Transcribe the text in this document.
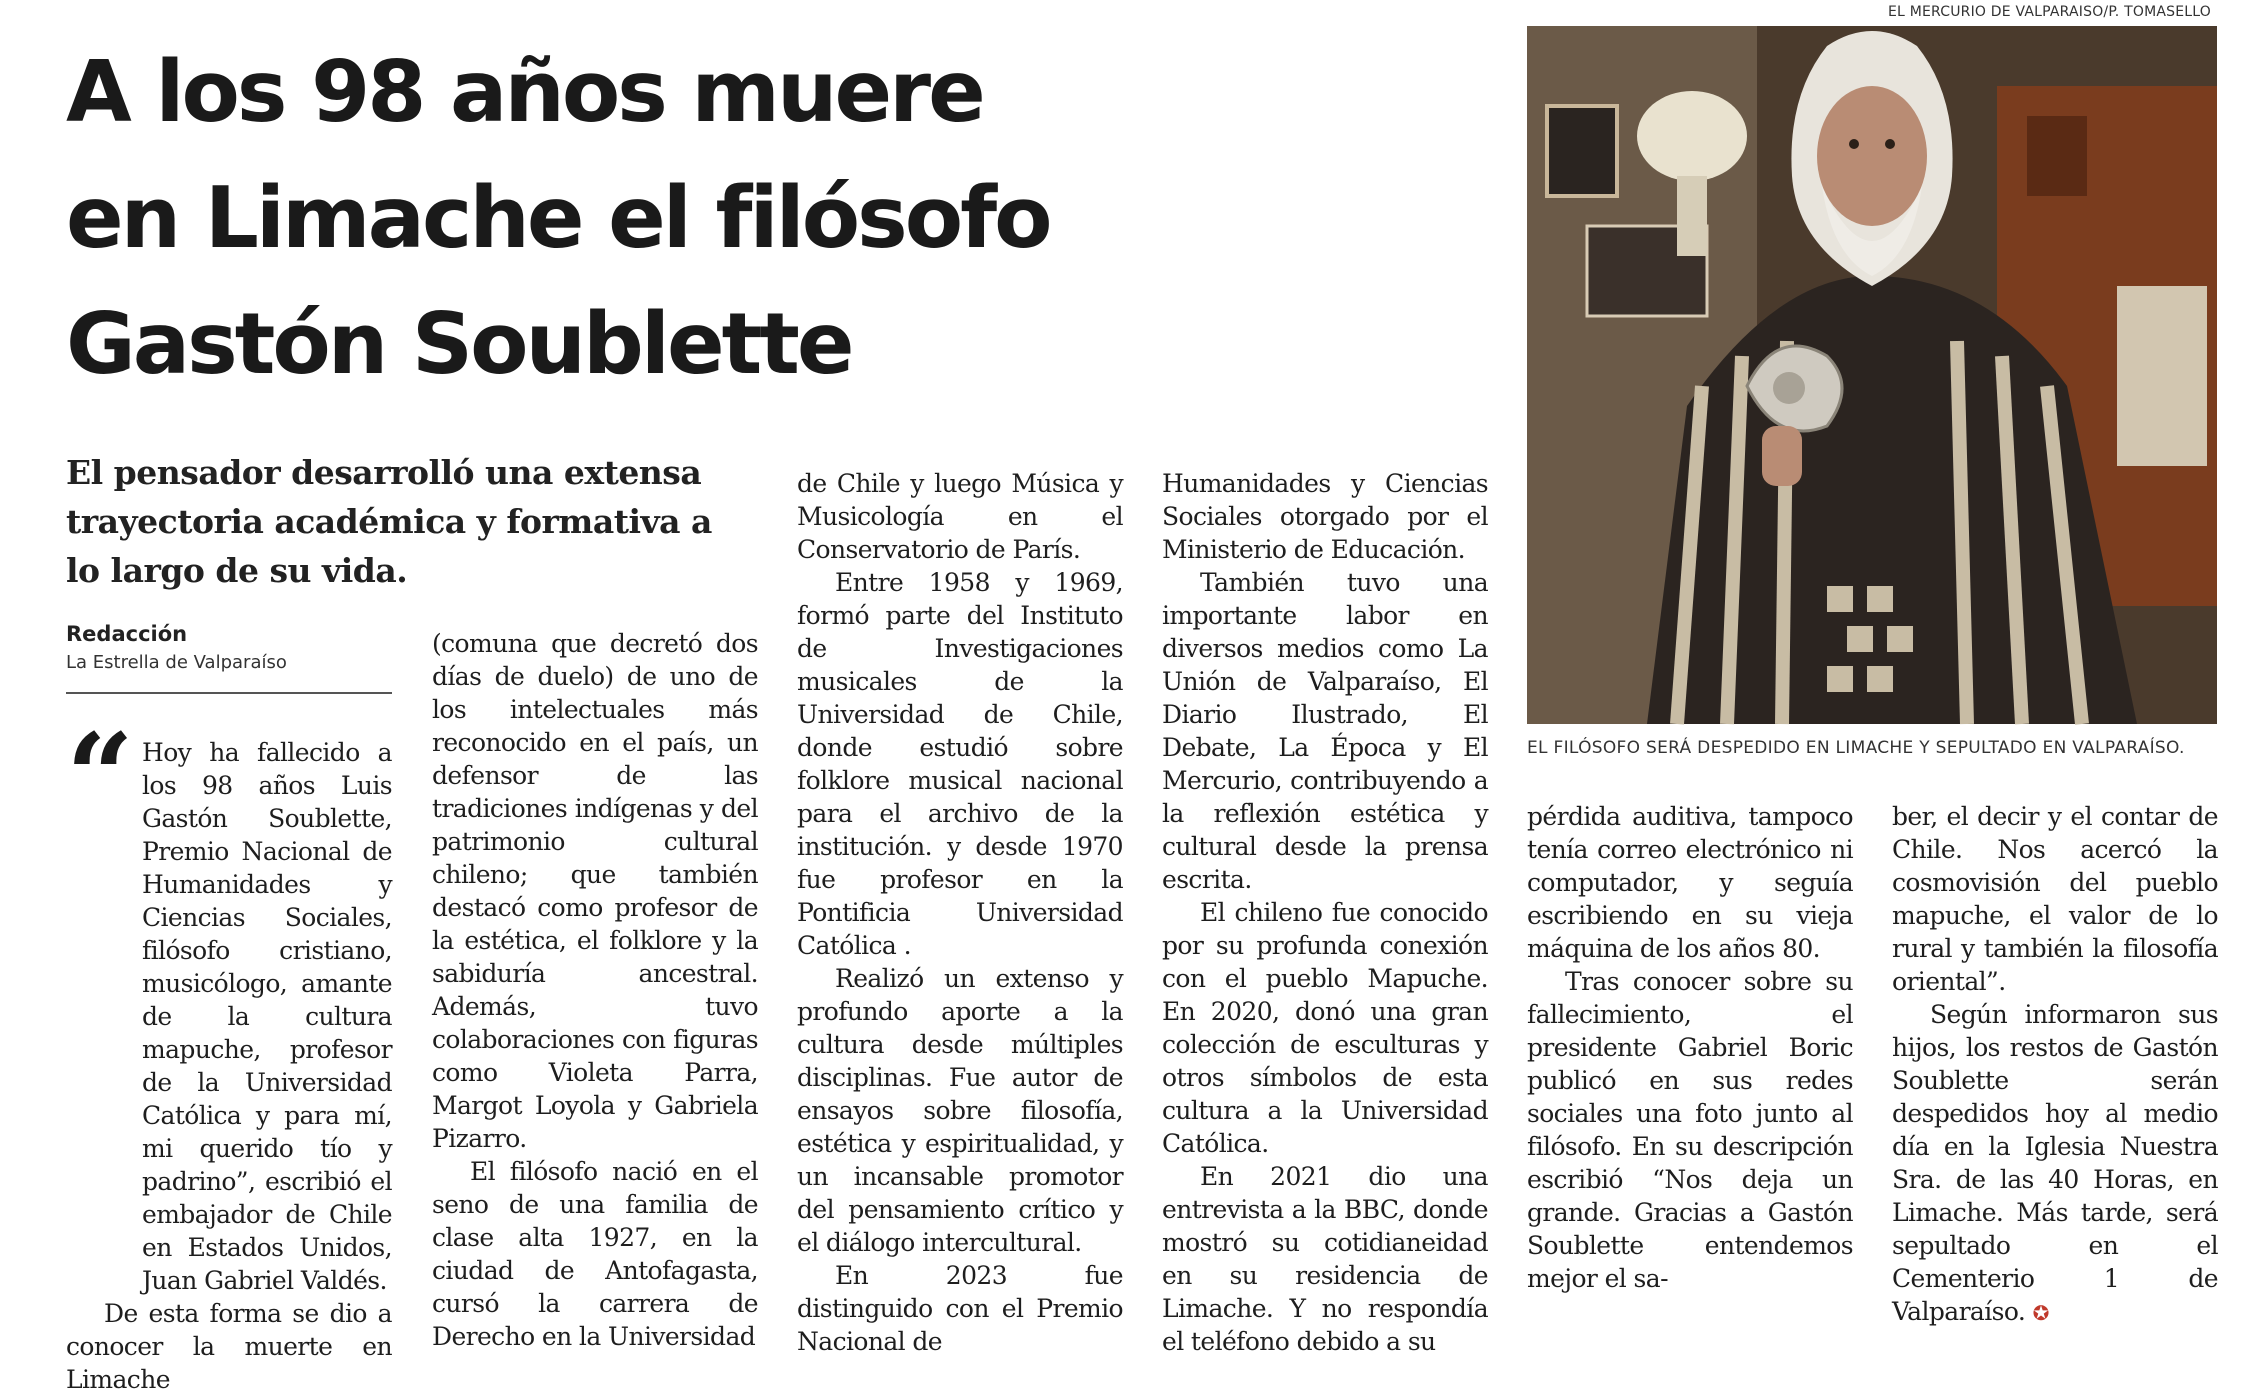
A los 98 años muere
en Limache el filósofo
Gastón Soublette

El pensador desarrolló una extensa trayectoria académica y formativa a lo largo de su vida.

Redacción
La Estrella de Valparaíso
“ Hoy ha fallecido a los 98 años Luis Gastón Soublette, Premio Nacional de Humanidades y Ciencias Sociales, filósofo cristiano, musicólogo, amante de la cultura mapuche, profesor de la Universidad Católica y para mí, mi querido tío y padrino”, escribió el embajador de Chile en Estados Unidos, Juan Gabriel Valdés.

De esta forma se dio a conocer la muerte en Limache

(comuna que decretó dos días de duelo) de uno de los intelectuales más reconocido en el país, un defensor de las tradiciones indígenas y del patrimonio cultural chileno; que también destacó como profesor de la estética, el folklore y la sabiduría ancestral. Además, tuvo colaboraciones con figuras como Violeta Parra, Margot Loyola y Gabriela Pizarro.

El filósofo nació en el seno de una familia de clase alta 1927, en la ciudad de Antofagasta, cursó la carrera de Derecho en la Universidad

de Chile y luego Música y Musicología en el Conservatorio de París.

Entre 1958 y 1969, formó parte del Instituto de Investigaciones musicales de la Universidad de Chile, donde estudió sobre folklore musical nacional para el archivo de la institución. y desde 1970 fue profesor en la Pontificia Universidad Católica .

Realizó un extenso y profundo aporte a la cultura desde múltiples disciplinas. Fue autor de ensayos sobre filosofía, estética y espiritualidad, y un incansable promotor del pensamiento crítico y el diálogo intercultural.

En 2023 fue distinguido con el Premio Nacional de

Humanidades y Ciencias Sociales otorgado por el Ministerio de Educación.

También tuvo una importante labor en diversos medios como La Unión de Valparaíso, El Diario Ilustrado, El Debate, La Época y El Mercurio, contribuyendo a la reflexión estética y cultural desde la prensa escrita.

El chileno fue conocido por su profunda conexión con el pueblo Mapuche. En 2020, donó una gran colección de esculturas y otros símbolos de esta cultura a la Universidad Católica.

En 2021 dio una entrevista a la BBC, donde mostró su cotidianeidad en su residencia de Limache. Y no respondía el teléfono debido a su

EL MERCURIO DE VALPARAISO/P. TOMASELLO
EL FILÓSOFO SERÁ DESPEDIDO EN LIMACHE Y SEPULTADO EN VALPARAÍSO.

pérdida auditiva, tampoco tenía correo electrónico ni computador, y seguía escribiendo en su vieja máquina de los años 80.

Tras conocer sobre su fallecimiento, el presidente Gabriel Boric publicó en sus redes sociales una foto junto al filósofo. En su descripción escribió “Nos deja un grande. Gracias a Gastón Soublette entendemos mejor el sa-

ber, el decir y el contar de Chile. Nos acercó la cosmovisión del pueblo mapuche, el valor de lo rural y también la filosofía oriental”.

Según informaron sus hijos, los restos de Gastón Soublette serán despedidos hoy al medio día en la Iglesia Nuestra Sra. de las 40 Horas, en Limache. Más tarde, será sepultado en el Cementerio 1 de Valparaíso. ✪
